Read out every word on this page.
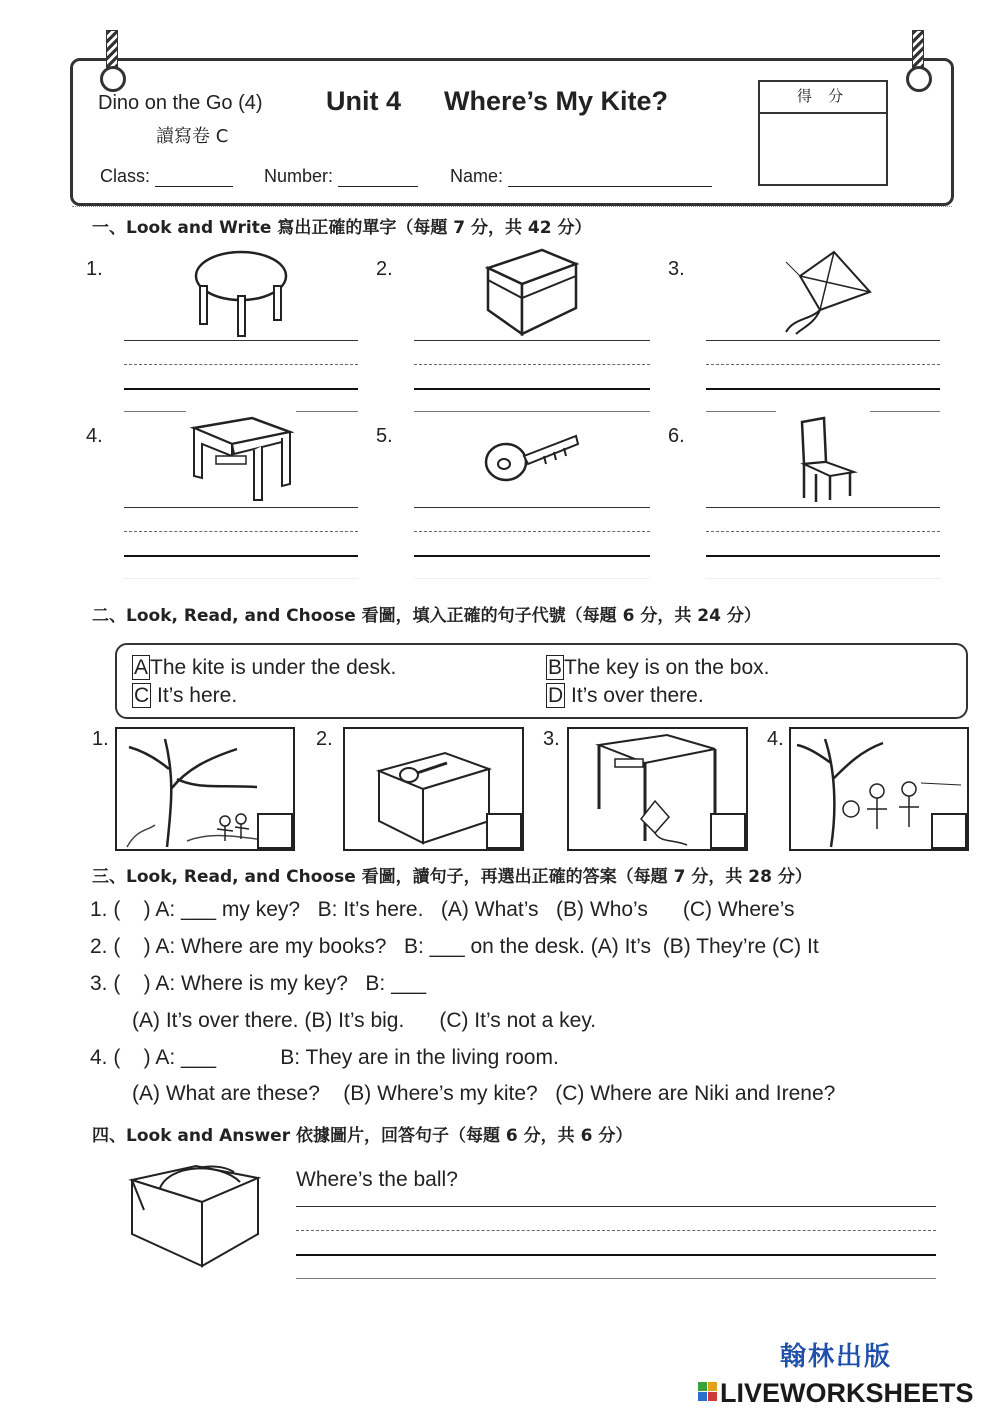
Dino on the Go (4) Unit 4 Where’s My Kite?
讀寫卷 C
Class:	Number:	Name:
得 分
一、Look and Write 寫出正確的單字（每題 7 分，共 42 分）
1.	2.	3.
4.	5.	6.
二、Look, Read, and Choose 看圖，填入正確的句子代號（每題 6 分，共 24 分）
AThe kite is under the desk.	BThe key is on the box.
C It’s here.	D It’s over there.
1.	2.	3.	4.
三、Look, Read, and Choose 看圖，讀句子，再選出正確的答案（每題 7 分，共 28 分）
1. (    ) A: ___ my key?   B: It’s here.   (A) What’s   (B) Who’s      (C) Where’s
2. (    ) A: Where are my books?   B: ___ on the desk. (A) It’s  (B) They’re (C) It
3. (    ) A: Where is my key?   B: ___
(A) It’s over there. (B) It’s big.      (C) It’s not a key.
4. (    ) A: ___           B: They are in the living room.
(A) What are these?    (B) Where’s my kite?   (C) Where are Niki and Irene?
四、Look and Answer 依據圖片，回答句子（每題 6 分，共 6 分）
Where’s the ball?
翰林出版
LIVEWORKSHEETS
